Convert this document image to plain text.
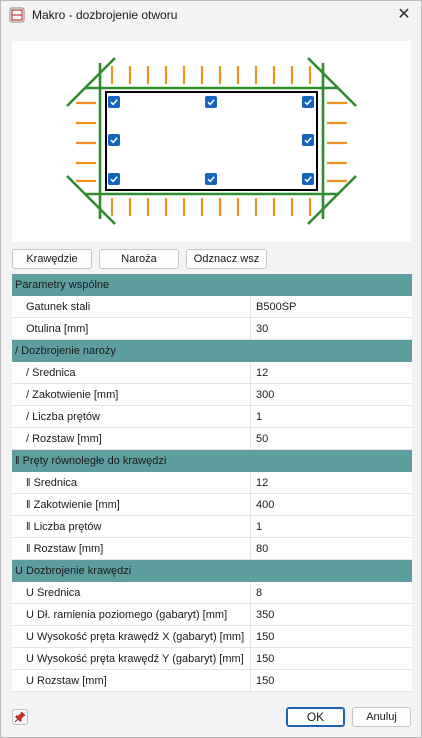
Makro - dozbrojenie otworu	✕
Krawędzie	Naroża	Odznacz wsz
Parametry wspólne
Gatunek stali	B500SP
Otulina [mm]	30
/ Dozbrojenie naroży
/ Średnica	12
/ Zakotwienie [mm]	300
/ Liczba prętów	1
/ Rozstaw [mm]	50
‖ Pręty równoległe do krawędzi
‖ Średnica	12
‖ Zakotwienie [mm]	400
‖ Liczba prętów	1
‖ Rozstaw [mm]	80
U Dozbrojenie krawędzi
U Średnica	8
U Dł. ramienia poziomego (gabaryt) [mm]	350
U Wysokość pręta krawędź X (gabaryt) [mm]	150
U Wysokość pręta krawędź Y (gabaryt) [mm]	150
U Rozstaw [mm]	150
OK	Anuluj
